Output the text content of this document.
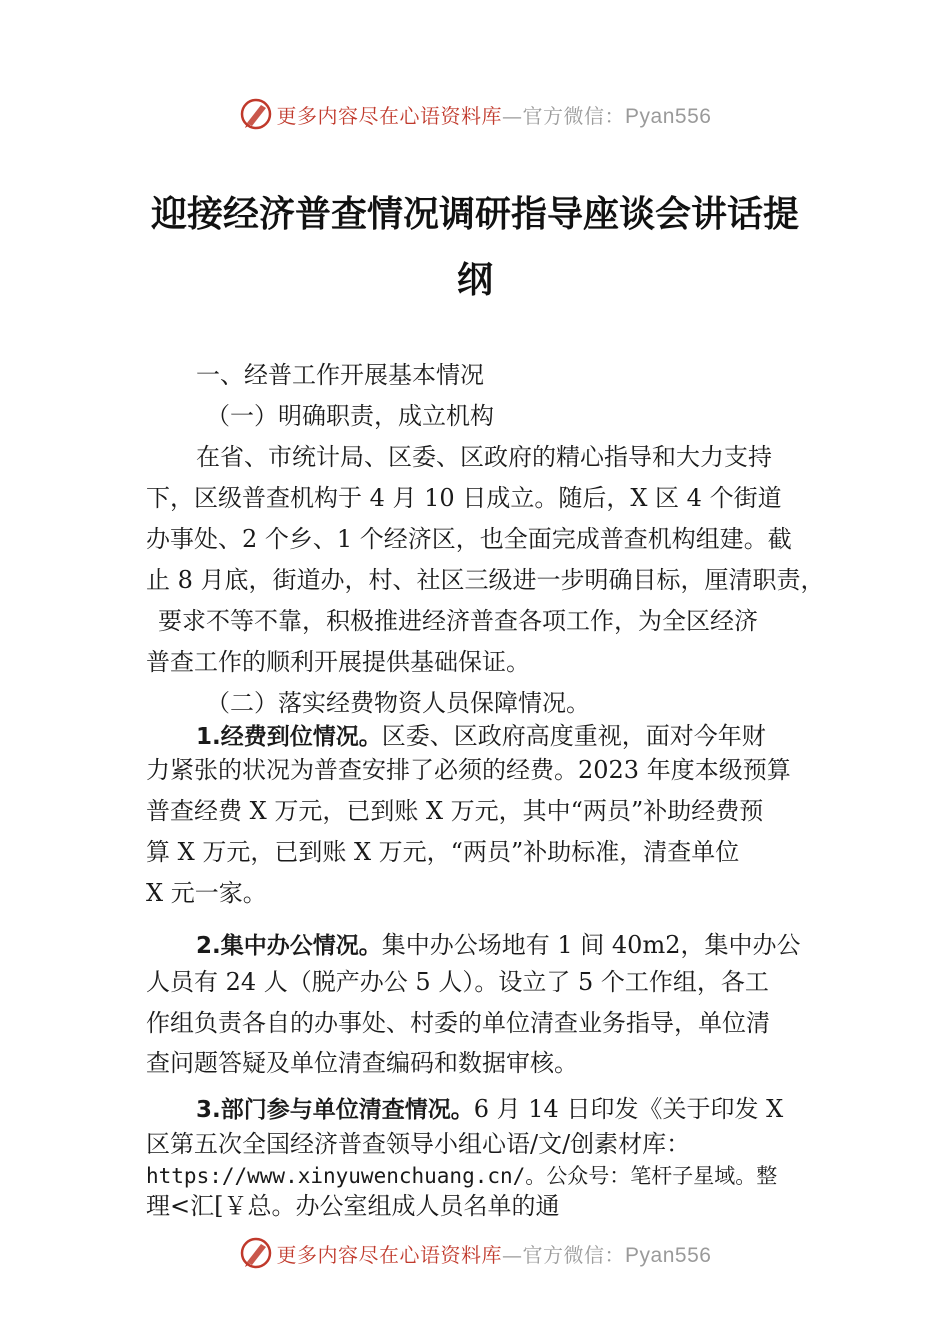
更多内容尽在心语资料库—官方微信：Pyan556
迎接经济普查情况调研指导座谈会讲话提
纲

一、经普工作开展基本情况

（一）明确职责，成立机构

在省、市统计局、区委、区政府的精心指导和大力支持

下，区级普查机构于 4 月 10 日成立。随后，X 区 4 个街道

办事处、2 个乡、1 个经济区，也全面完成普查机构组建。截

止 8 月底，街道办，村、社区三级进一步明确目标，厘清职责，

要求不等不靠，积极推进经济普查各项工作，为全区经济

普查工作的顺利开展提供基础保证。

（二）落实经费物资人员保障情况。

1.经费到位情况。区委、区政府高度重视，面对今年财

力紧张的状况为普查安排了必须的经费。2023 年度本级预算

普查经费 X 万元，已到账 X 万元，其中“两员”补助经费预

算 X 万元，已到账 X 万元，“两员”补助标准，清查单位

X 元一家。

2.集中办公情况。集中办公场地有 1 间 40m2，集中办公

人员有 24 人（脱产办公 5 人）。设立了 5 个工作组，各工

作组负责各自的办事处、村委的单位清查业务指导，单位清

查问题答疑及单位清查编码和数据审核。

3.部门参与单位清查情况。6 月 14 日印发《关于印发 X

区第五次全国经济普查领导小组心语/文/创素材库：

https://www.xinyuwenchuang.cn/。公众号：笔杆子星域。整

理<汇[￥总。办公室组成人员名单的通

更多内容尽在心语资料库—官方微信：Pyan556
